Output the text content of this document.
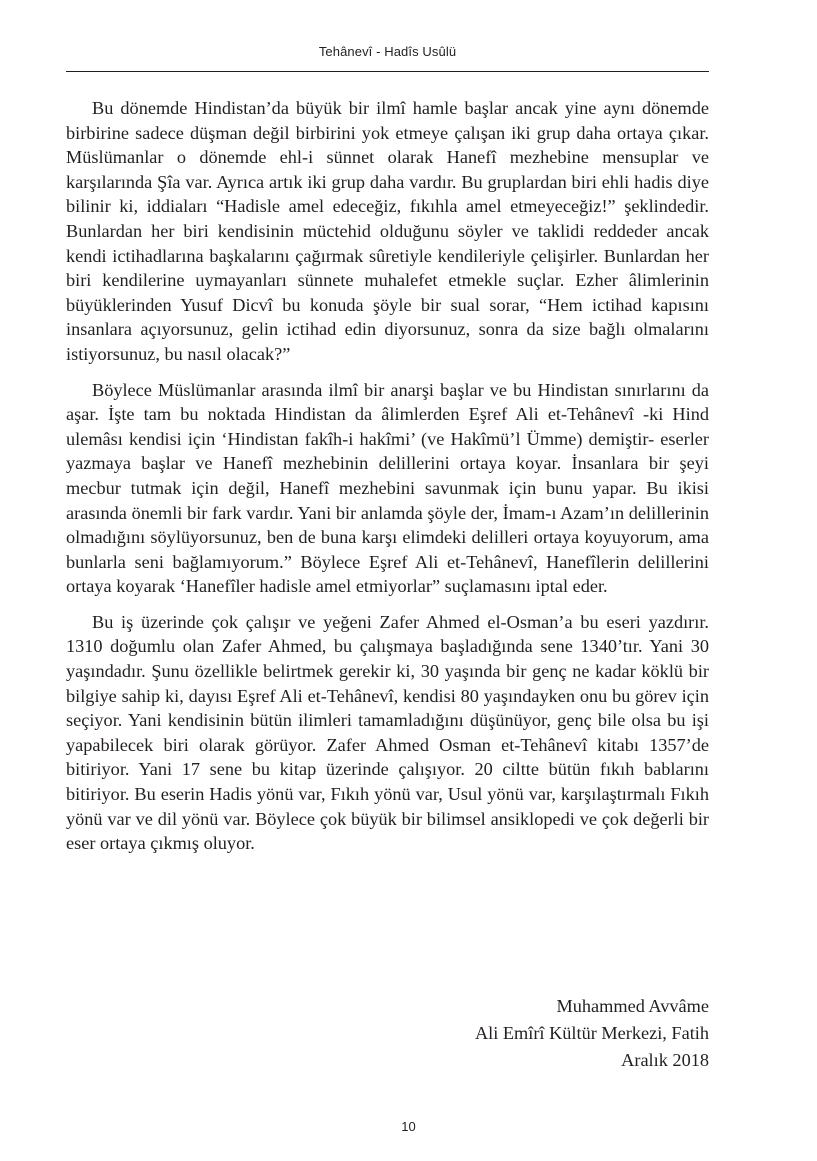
Tehânevî - Hadîs Usûlü

Bu dönemde Hindistan’da büyük bir ilmî hamle başlar ancak yine aynı dönemde birbirine sadece düşman değil birbirini yok etmeye çalışan iki grup daha ortaya çıkar. Müslümanlar o dönemde ehl-i sünnet olarak Hanefî mezhebine mensuplar ve karşılarında Şîa var. Ayrıca artık iki grup daha vardır. Bu gruplardan biri ehli hadis diye bilinir ki, iddiaları “Hadisle amel edeceğiz, fıkıhla amel etmeyeceğiz!” şeklindedir. Bunlardan her biri kendisinin müctehid olduğunu söyler ve taklidi reddeder ancak kendi ictihadlarına başkalarını çağırmak sûretiyle kendileriyle çelişirler. Bunlardan her biri kendilerine uymayanları sünnete muhalefet etmekle suçlar. Ezher âlimlerinin büyüklerinden Yusuf Dicvî bu konuda şöyle bir sual sorar, “Hem ictihad kapısını insanlara açıyorsunuz, gelin ictihad edin diyorsunuz, sonra da size bağlı olmalarını istiyorsunuz, bu nasıl olacak?”

Böylece Müslümanlar arasında ilmî bir anarşi başlar ve bu Hindistan sınırlarını da aşar. İşte tam bu noktada Hindistan da âlimlerden Eşref Ali et-Tehânevî -ki Hind ulemâsı kendisi için ‘Hindistan fakîh-i hakîmi’ (ve Hakîmü’l Ümme) demiştir- eserler yazmaya başlar ve Hanefî mezhebinin delillerini ortaya koyar. İnsanlara bir şeyi mecbur tutmak için değil, Hanefî mezhebini savunmak için bunu yapar. Bu ikisi arasında önemli bir fark vardır. Yani bir anlamda şöyle der, İmam-ı Azam’ın delillerinin olmadığını söylüyorsunuz, ben de buna karşı elimdeki delilleri ortaya koyuyorum, ama bunlarla seni bağlamıyorum.” Böylece Eşref Ali et-Tehânevî, Hanefîlerin delillerini ortaya koyarak ‘Hanefîler hadisle amel etmiyorlar” suçlamasını iptal eder.

Bu iş üzerinde çok çalışır ve yeğeni Zafer Ahmed el-Osman’a bu eseri yazdırır. 1310 doğumlu olan Zafer Ahmed, bu çalışmaya başladığında sene 1340’tır. Yani 30 yaşındadır. Şunu özellikle belirtmek gerekir ki, 30 yaşında bir genç ne kadar köklü bir bilgiye sahip ki, dayısı Eşref Ali et-Tehânevî, kendisi 80 yaşındayken onu bu görev için seçiyor. Yani kendisinin bütün ilimleri tamamladığını düşünüyor, genç bile olsa bu işi yapabilecek biri olarak görüyor. Zafer Ahmed Osman et-Tehânevî kitabı 1357’de bitiriyor. Yani 17 sene bu kitap üzerinde çalışıyor. 20 ciltte bütün fıkıh bablarını bitiriyor. Bu eserin Hadis yönü var, Fıkıh yönü var, Usul yönü var, karşılaştırmalı Fıkıh yönü var ve dil yönü var. Böylece çok büyük bir bilimsel ansiklopedi ve çok değerli bir eser ortaya çıkmış oluyor.

Muhammed Avvâme
Ali Emîrî Kültür Merkezi, Fatih
Aralık 2018
10
